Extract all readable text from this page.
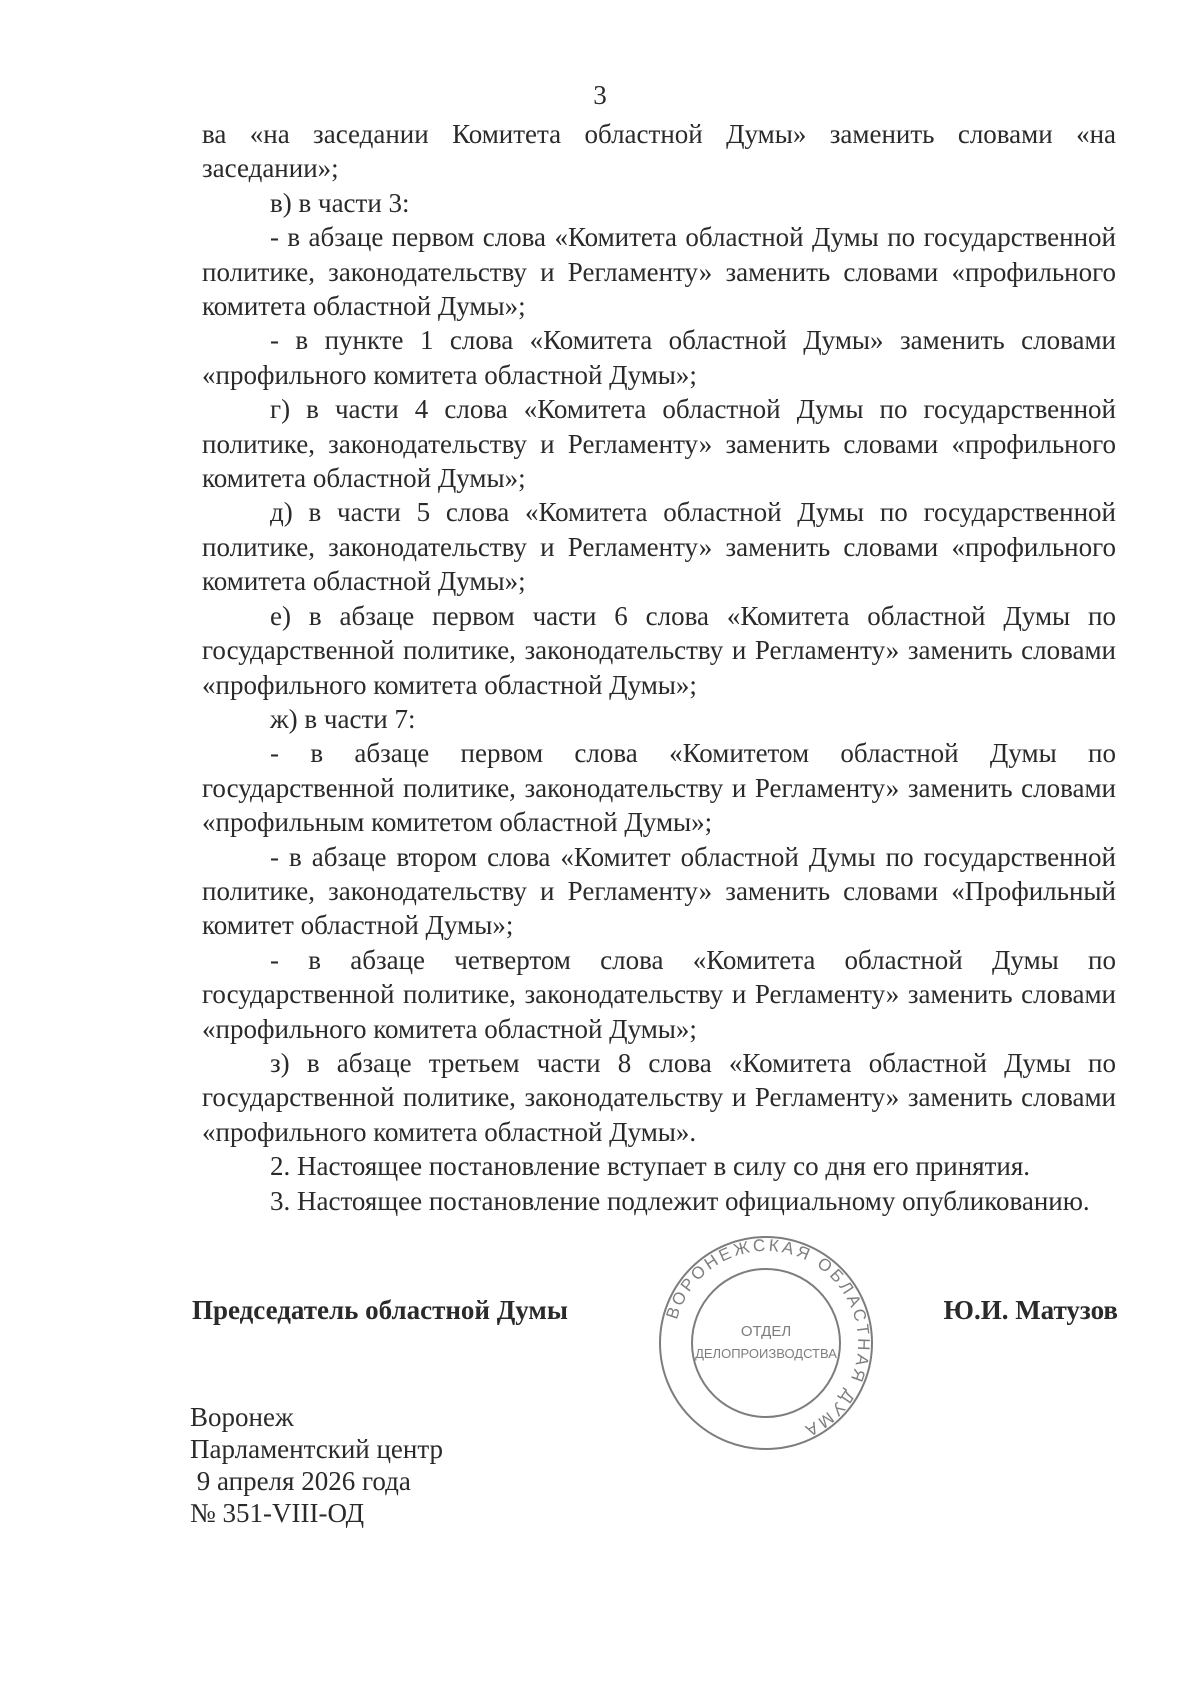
3

ва «на заседании Комитета областной Думы» заменить словами «на заседании»;

в) в части 3:

- в абзаце первом слова «Комитета областной Думы по государственной политике, законодательству и Регламенту» заменить словами «профильного комитета областной Думы»;

- в пункте 1 слова «Комитета областной Думы» заменить словами «профильного комитета областной Думы»;

г) в части 4 слова «Комитета областной Думы по государственной политике, законодательству и Регламенту» заменить словами «профильного комитета областной Думы»;

д) в части 5 слова «Комитета областной Думы по государственной политике, законодательству и Регламенту» заменить словами «профильного комитета областной Думы»;

е) в абзаце первом части 6 слова «Комитета областной Думы по государственной политике, законодательству и Регламенту» заменить словами «профильного комитета областной Думы»;

ж) в части 7:

- в абзаце первом слова «Комитетом областной Думы по государственной политике, законодательству и Регламенту» заменить словами «профильным комитетом областной Думы»;

- в абзаце втором слова «Комитет областной Думы по государственной политике, законодательству и Регламенту» заменить словами «Профильный комитет областной Думы»;

- в абзаце четвертом слова «Комитета областной Думы по государственной политике, законодательству и Регламенту» заменить словами «профильного комитета областной Думы»;

з) в абзаце третьем части 8 слова «Комитета областной Думы по государственной политике, законодательству и Регламенту» заменить словами «профильного комитета областной Думы».

2. Настоящее постановление вступает в силу со дня его принятия.

3. Настоящее постановление подлежит официальному опубликованию.

Председатель областной Думы	Ю.И. Матузов
ВОРОНЕЖСКАЯ ОБЛАСТНАЯ ДУМА
ОТДЕЛ
ДЕЛОПРОИЗВОДСТВА
Воронеж
Парламентский центр
9 апреля 2026 года
№ 351-VIII-ОД
